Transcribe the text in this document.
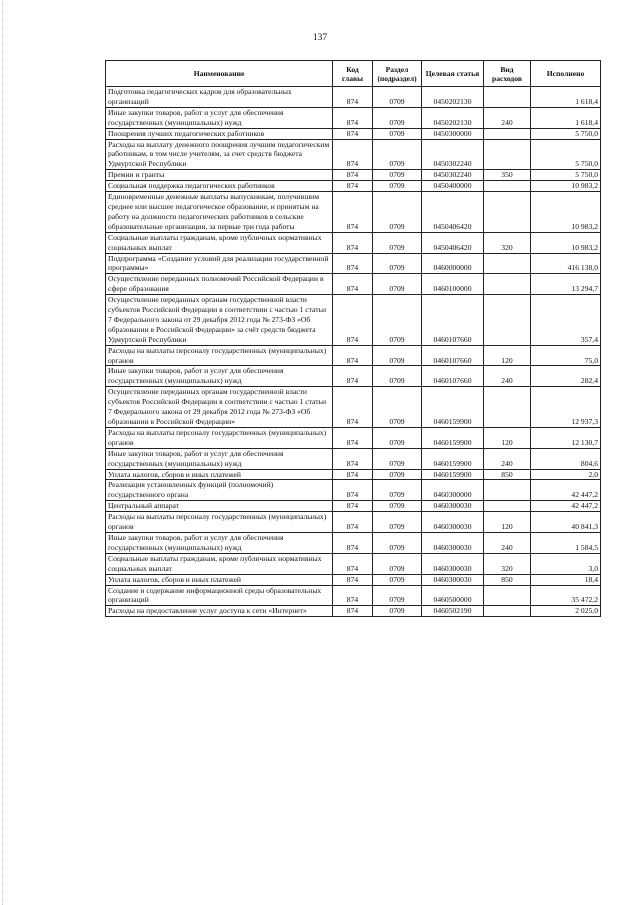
137
Наименование	Код главы	Раздел (подраздел)	Целевая статья	Вид расходов	Исполнено
Подготовка педагогических кадров для образовательных организаций	874	0709	0450202130		1 618,4
Иные закупки товаров, работ и услуг для обеспечения государственных (муниципальных) нужд	874	0709	0450202130	240	1 618,4
Поощрения лучших педагогических работников	874	0709	0450300000		5 750,0
Расходы на выплату денежного поощрения лучшим педагогическим работникам, в том числе учителям, за счет средств бюджета Удмуртской Республики	874	0709	0450302240		5 750,0
Премии и гранты	874	0709	0450302240	350	5 750,0
Социальная поддержка педагогических работников	874	0709	0450400000		10 983,2
Единовременные денежные выплаты выпускникам, получившим среднее или высшее педагогическое образование, и принятым на работу на должности педагогических работников в сельские образовательные организации, за первые три года работы	874	0709	0450406420		10 983,2
Социальные выплаты гражданам, кроме публичных нормативных социальных выплат	874	0709	0450406420	320	10 983,2
Подпрограмма «Создание условий для реализации государственной программы»	874	0709	0460000000		416 138,0
Осуществление переданных полномочий Российской Федерации в сфере образования	874	0709	0460100000		13 294,7
Осуществление переданных органам государственной власти субъектов Российской Федерации в соответствии с частью 1 статьи 7 Федерального закона от 29 декабря 2012 года № 273-ФЗ «Об образовании в Российской Федерации» за счёт средств бюджета Удмуртской Республики	874	0709	0460107660		357,4
Расходы на выплаты персоналу государственных (муниципальных) органов	874	0709	0460107660	120	75,0
Иные закупки товаров, работ и услуг для обеспечения государственных (муниципальных) нужд	874	0709	0460107660	240	282,4
Осуществление переданных органам государственной власти субъектов Российской Федерации в соответствии с частью 1 статьи 7 Федерального закона от 29 декабря 2012 года № 273-ФЗ «Об образовании в Российской Федерации»	874	0709	0460159900		12 937,3
Расходы на выплаты персоналу государственных (муниципальных) органов	874	0709	0460159900	120	12 130,7
Иные закупки товаров, работ и услуг для обеспечения государственных (муниципальных) нужд	874	0709	0460159900	240	804,6
Уплата налогов, сборов и иных платежей	874	0709	0460159900	850	2,0
Реализация установленных функций (полномочий) государственного органа	874	0709	0460300000		42 447,2
Центральный аппарат	874	0709	0460300030		42 447,2
Расходы на выплаты персоналу государственных (муниципальных) органов	874	0709	0460300030	120	40 841,3
Иные закупки товаров, работ и услуг для обеспечения государственных (муниципальных) нужд	874	0709	0460300030	240	1 584,5
Социальные выплаты гражданам, кроме публичных нормативных социальных выплат	874	0709	0460300030	320	3,0
Уплата налогов, сборов и иных платежей	874	0709	0460300030	850	18,4
Создание и содержание информационной среды образовательных организаций	874	0709	0460500000		35 472,2
Расходы на предоставление услуг доступа к сети «Интернет»	874	0709	0460502190		2 025,0
